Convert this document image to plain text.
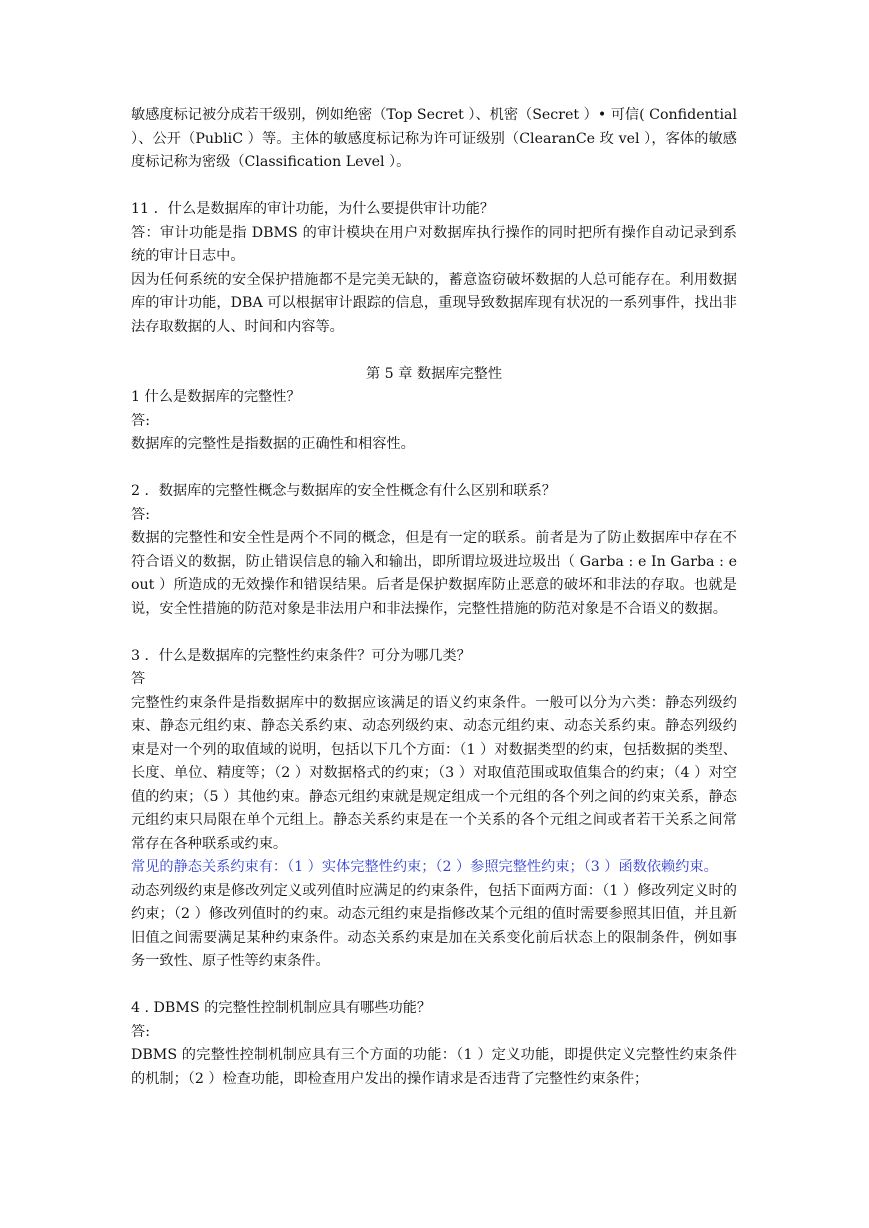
敏感度标记被分成若干级别，例如绝密（Top Secret ）、机密（Secret ）• 可信( Confidential ）、公开（PubliC ）等。主体的敏感度标记称为许可证级别（ClearanCe 玫 vel ），客体的敏感度标记称为密级（Classification Level ）。

11 ．什么是数据库的审计功能，为什么要提供审计功能？

答：审计功能是指 DBMS 的审计模块在用户对数据库执行操作的同时把所有操作自动记录到系统的审计日志中。

因为任何系统的安全保护措施都不是完美无缺的，蓄意盗窃破坏数据的人总可能存在。利用数据库的审计功能，DBA 可以根据审计跟踪的信息，重现导致数据库现有状况的一系列事件，找出非法存取数据的人、时间和内容等。

第 5 章 数据库完整性

1 什么是数据库的完整性？

答:

数据库的完整性是指数据的正确性和相容性。

2 ．数据库的完整性概念与数据库的安全性概念有什么区别和联系？

答:

数据的完整性和安全性是两个不同的概念，但是有一定的联系。前者是为了防止数据库中存在不符合语义的数据，防止错误信息的输入和输出，即所谓垃圾进垃圾出（ Garba : e In Garba : e out ）所造成的无效操作和错误结果。后者是保护数据库防止恶意的破坏和非法的存取。也就是说，安全性措施的防范对象是非法用户和非法操作，完整性措施的防范对象是不合语义的数据。

3 ．什么是数据库的完整性约束条件？可分为哪几类？

答

完整性约束条件是指数据库中的数据应该满足的语义约束条件。一般可以分为六类：静态列级约束、静态元组约束、静态关系约束、动态列级约束、动态元组约束、动态关系约束。静态列级约束是对一个列的取值域的说明，包括以下几个方面：（1 ）对数据类型的约束，包括数据的类型、长度、单位、精度等；（2 ）对数据格式的约束；（3 ）对取值范围或取值集合的约束；（4 ）对空值的约束；（5 ）其他约束。静态元组约束就是规定组成一个元组的各个列之间的约束关系，静态元组约束只局限在单个元组上。静态关系约束是在一个关系的各个元组之间或者若干关系之间常常存在各种联系或约束。

常见的静态关系约束有：（1 ）实体完整性约束；（2 ）参照完整性约束；（3 ）函数依赖约束。

动态列级约束是修改列定义或列值时应满足的约束条件，包括下面两方面：（1 ）修改列定义时的约束；（2 ）修改列值时的约束。动态元组约束是指修改某个元组的值时需要参照其旧值，并且新旧值之间需要满足某种约束条件。动态关系约束是加在关系变化前后状态上的限制条件，例如事务一致性、原子性等约束条件。

4 . DBMS 的完整性控制机制应具有哪些功能？

答:

DBMS 的完整性控制机制应具有三个方面的功能：（1 ）定义功能，即提供定义完整性约束条件的机制；（2 ）检查功能，即检查用户发出的操作请求是否违背了完整性约束条件；
